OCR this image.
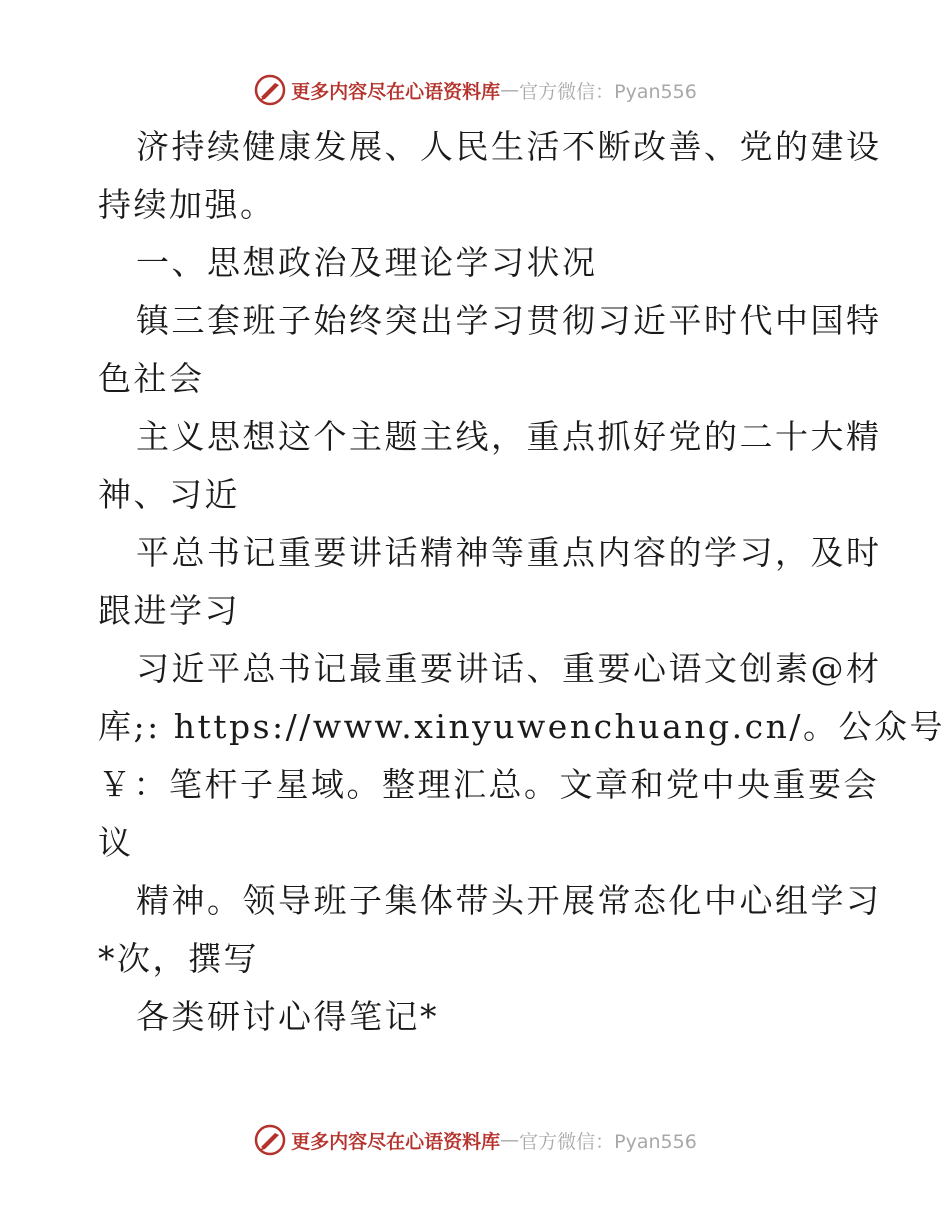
更多内容尽在心语资料库 — 官方微信：Pyan556
济持续健康发展、人民生活不断改善、党的建设
持续加强。
一、思想政治及理论学习状况
镇三套班子始终突出学习贯彻习近平时代中国特
色社会
主义思想这个主题主线，重点抓好党的二十大精
神、习近
平总书记重要讲话精神等重点内容的学习，及时
跟进学习
习近平总书记最重要讲话、重要心语文创素@材
库;: https://www.xinyuwenchuang.cn/。公众号
￥：笔杆子星域。整理汇总。文章和党中央重要会
议
精神。领导班子集体带头开展常态化中心组学习
*次，撰写
各类研讨心得笔记*
更多内容尽在心语资料库 — 官方微信：Pyan556
